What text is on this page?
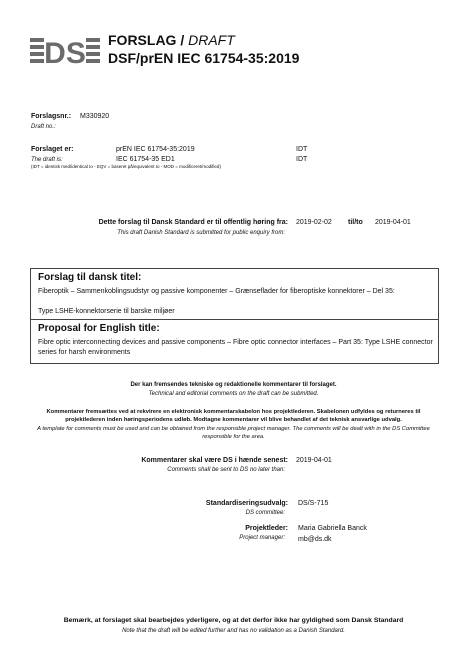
DS FORSLAG / DRAFT
DSF/prEN IEC 61754-35:2019
Forslagsnr.:
Draft no.:
M330920
Forslaget er:
The draft is:
(IDT = identisk med/identical to - EQV = baseret på/equivalent to - MOD = modificeret/modified)
prEN IEC 61754-35:2019	IDT
IEC 61754-35 ED1	IDT
Dette forslag til Dansk Standard er til offentlig høring fra:
This draft Danish Standard is submitted for public enquiry from:
2019-02-02 til/to 2019-04-01
Forslag til dansk titel:
Fiberoptik – Sammenkoblingsudstyr og passive komponenter – Grænseflader for fiberoptiske konnektorer – Del 35:
Type LSHE-konnektorserie til barske miljøer
Proposal for English title:
Fibre optic interconnecting devices and passive components – Fibre optic connector interfaces – Part 35: Type LSHE connector series for harsh environments
Der kan fremsendes tekniske og redaktionelle kommentarer til forslaget.
Technical and editorial comments on the draft can be submitted.
Kommentarer fremsættes ved at rekvirere en elektronisk kommentarskabelon hos projektlederen. Skabelonen udfyldes og returneres til projektlederen inden høringsperiodens udløb. Modtagne kommentarer vil blive behandlet af det teknisk ansvarlige udvalg.
A template for comments must be used and can be obtained from the responsible project manager. The comments will be dealt with in the DS Committee responsible for the area.
Kommentarer skal være DS i hænde senest:
Comments shall be sent to DS no later than:
2019-04-01
Standardiseringsudvalg:
DS committee:
DS/S-715
Projektleder:
Project manager:
Maria Gabriella Banck
mb@ds.dk
Bemærk, at forslaget skal bearbejdes yderligere, og at det derfor ikke har gyldighed som Dansk Standard
Note that the draft will be edited further and has no validation as a Danish Standard.
